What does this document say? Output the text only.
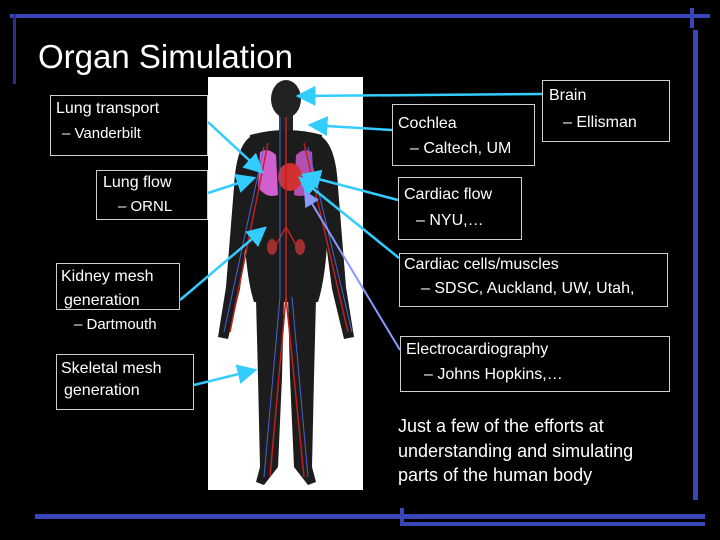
Organ Simulation
Lung transport
– Vanderbilt
Lung flow
– ORNL
Kidney mesh
generation
– Dartmouth
Skeletal mesh
generation
Brain
– Ellisman
Cochlea
– Caltech, UM
Cardiac flow
– NYU,…
Cardiac cells/muscles
– SDSC, Auckland, UW, Utah,
Electrocardiography
– Johns Hopkins,…
Just a few of the efforts at
understanding and simulating
parts of the human body
